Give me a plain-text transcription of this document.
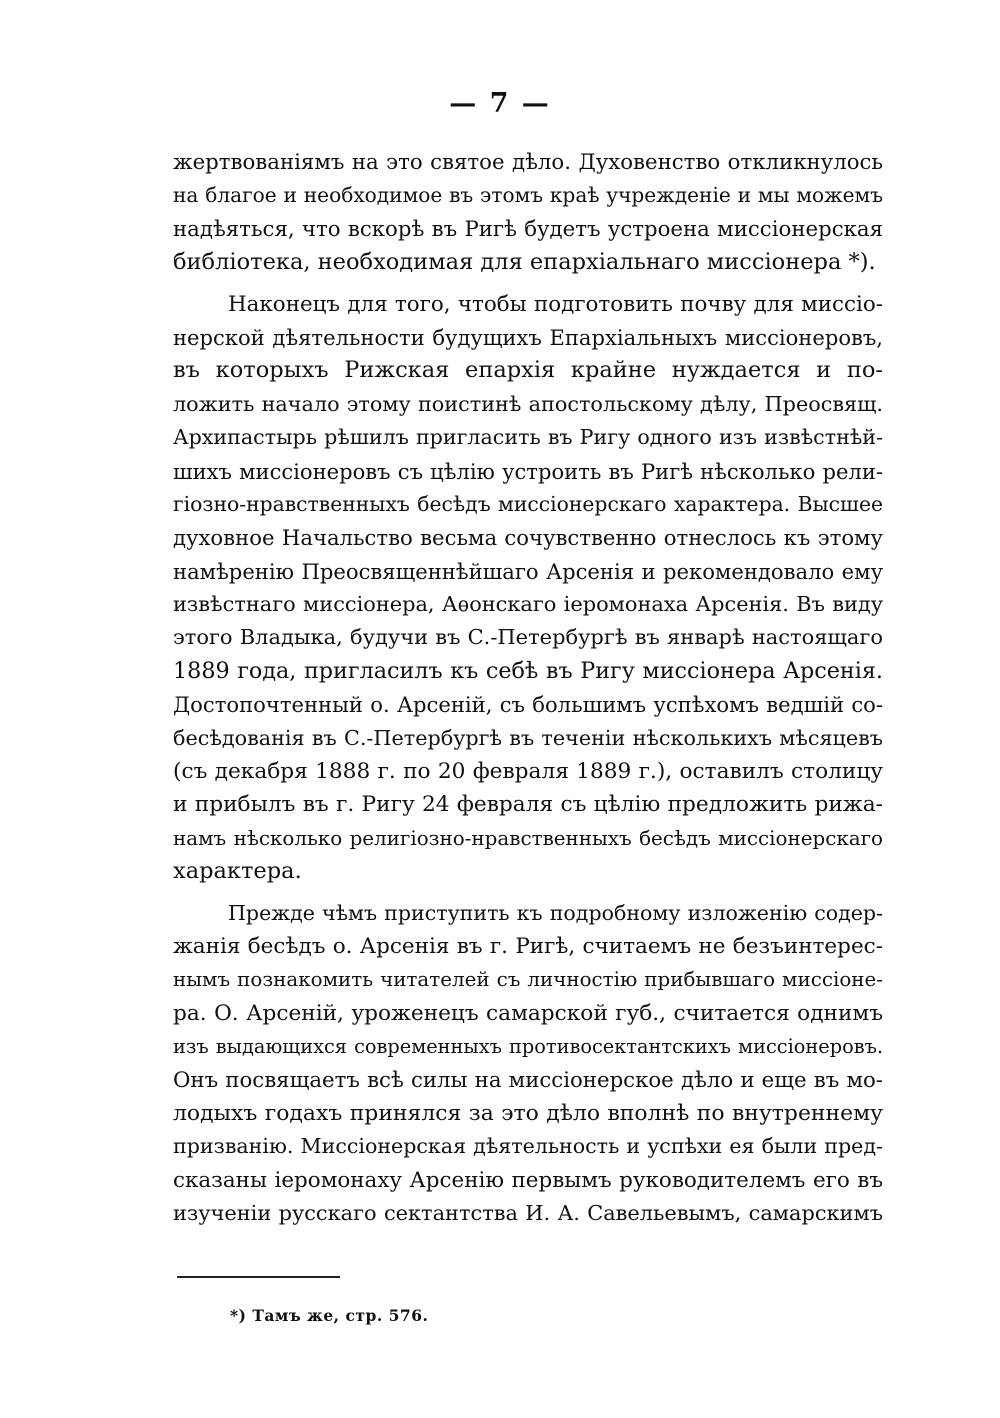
— 7 —
жертвованіямъ на это святое дѣло. Духовенство откликнулось
на благое и необходимое въ этомъ краѣ учрежденіе и мы можемъ
надѣяться, что вскорѣ въ Ригѣ будетъ устроена миссіонерская
библіотека, необходимая для епархіальнаго миссіонера *).
Наконецъ для того, чтобы подготовить почву для миссіо-
нерской дѣятельности будущихъ Епархіальныхъ миссіонеровъ,
въ которыхъ Рижская епархія крайне нуждается и по-
ложить начало этому поистинѣ апостольскому дѣлу, Преосвящ.
Архипастырь рѣшилъ пригласить въ Ригу одного изъ извѣстнѣй-
шихъ миссіонеровъ съ цѣлію устроить въ Ригѣ нѣсколько рели-
гіозно-нравственныхъ бесѣдъ миссіонерскаго характера. Высшее
духовное Начальство весьма сочувственно отнеслось къ этому
намѣренію Преосвященнѣйшаго Арсенія и рекомендовало ему
извѣстнаго миссіонера, Аѳонскаго іеромонаха Арсенія. Въ виду
этого Владыка, будучи въ С.-Петербургѣ въ январѣ настоящаго
1889 года, пригласилъ къ себѣ въ Ригу миссіонера Арсенія.
Достопочтенный о. Арсеній, съ большимъ успѣхомъ ведшій со-
бесѣдованія въ С.-Петербургѣ въ теченіи нѣсколькихъ мѣсяцевъ
(съ декабря 1888 г. по 20 февраля 1889 г.), оставилъ столицу
и прибылъ въ г. Ригу 24 февраля съ цѣлію предложить рижа-
намъ нѣсколько религіозно-нравственныхъ бесѣдъ миссіонерскаго
характера.
Прежде чѣмъ приступить къ подробному изложенію содер-
жанія бесѣдъ о. Арсенія въ г. Ригѣ, считаемъ не безъинтерес-
нымъ познакомить читателей съ личностію прибывшаго миссіоне-
ра. О. Арсеній, уроженецъ самарской губ., считается однимъ
изъ выдающихся современныхъ противосектантскихъ миссіонеровъ.
Онъ посвящаетъ всѣ силы на миссіонерское дѣло и еще въ мо-
лодыхъ годахъ принялся за это дѣло вполнѣ по внутреннему
призванію. Миссіонерская дѣятельность и успѣхи ея были пред-
сказаны іеромонаху Арсенію первымъ руководителемъ его въ
изученіи русскаго сектантства И. А. Савельевымъ, самарскимъ
*) Тамъ же, стр. 576.
